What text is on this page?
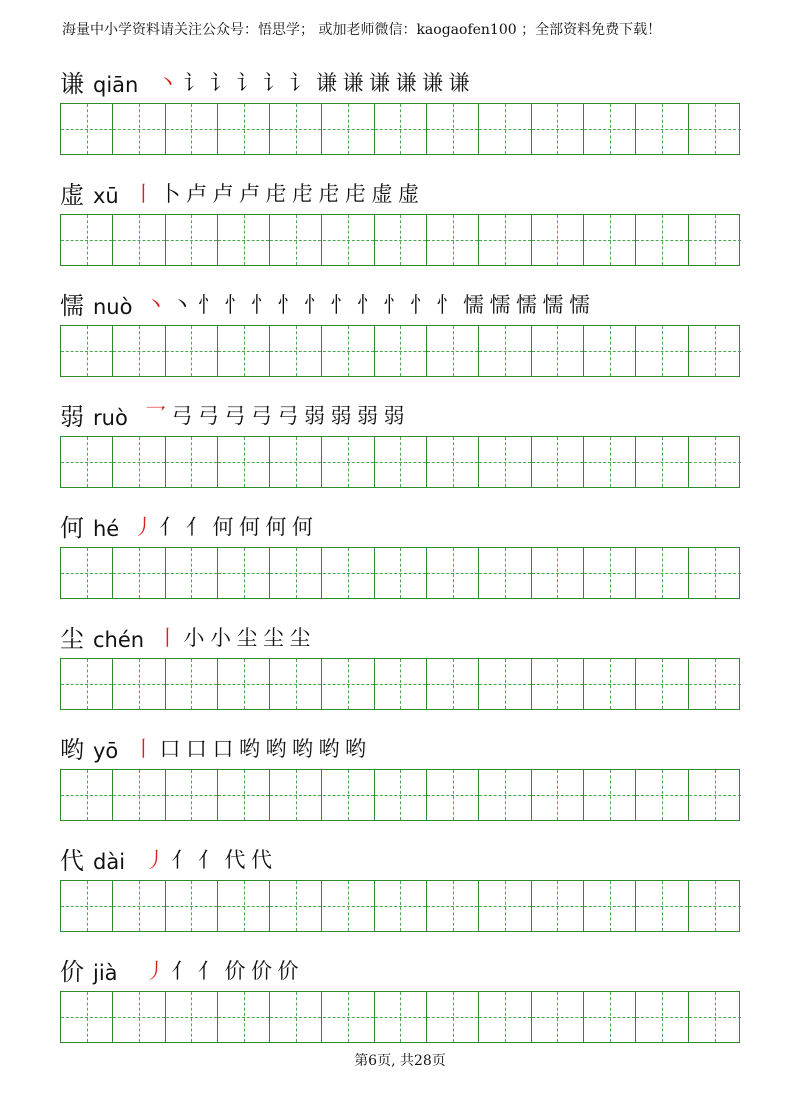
海量中小学资料请关注公众号：悟思学； 或加老师微信：kaogaofen100 ；全部资料免费下载！
谦 qiān 丶 讠 讠 讠 讠 讠 谦 谦 谦 谦 谦 谦
虚 xū 丨 卜 卢 卢 卢 虍 虍 虍 虍 虚 虚
懦 nuò 丶 丶 忄 忄 忄 忄 忄 忄 忄 忄 忄 忄 懦 懦 懦 懦 懦
弱 ruò 乛 弓 弓 弓 弓 弓 弱 弱 弱 弱
何 hé 丿 亻 亻 何 何 何 何
尘 chén 丨 小 小 尘 尘 尘
哟 yō 丨 口 口 口 哟 哟 哟 哟 哟
代 dài 丿 亻 亻 代 代
价 jià 丿 亻 亻 价 价 价
第6页, 共28页
